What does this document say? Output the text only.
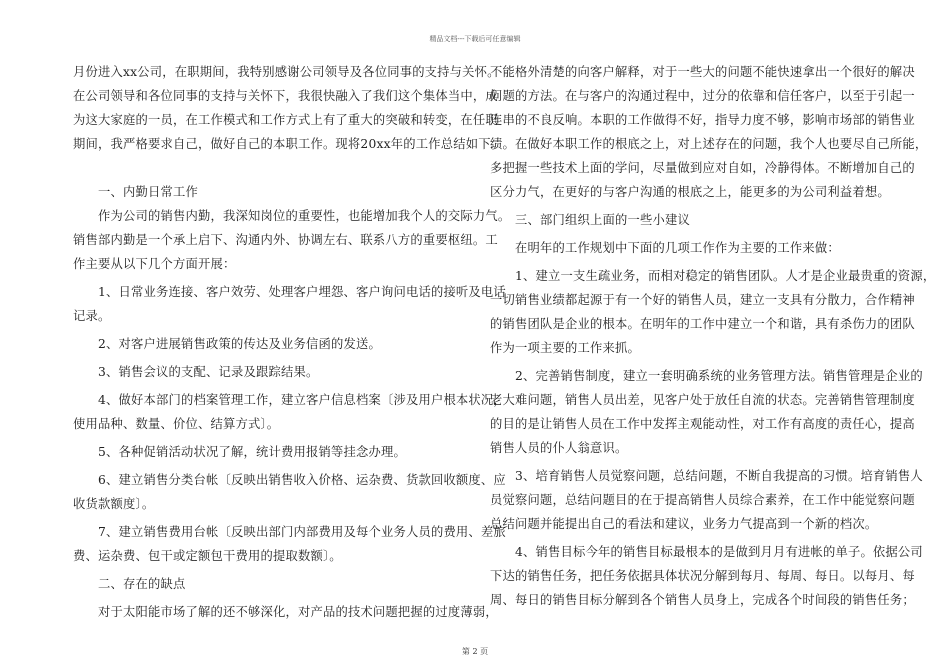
精品文档---下载后可任意编辑
月份进入xx公司，在职期间，我特别感谢公司领导及各位同事的支持与关怀。
在公司领导和各位同事的支持与关怀下，我很快融入了我们这个集体当中，成
为这大家庭的一员，在工作模式和工作方式上有了重大的突破和转变，在任职
期间，我严格要求自己，做好自己的本职工作。现将20xx年的工作总结如下。
一、内勤日常工作
作为公司的销售内勤，我深知岗位的重要性，也能增加我个人的交际力气。
销售部内勤是一个承上启下、沟通内外、协调左右、联系八方的重要枢纽。工
作主要从以下几个方面开展：
1、日常业务连接、客户效劳、处理客户埋怨、客户询问电话的接听及电话
记录。
2、对客户进展销售政策的传达及业务信函的发送。
3、销售会议的支配、记录及跟踪结果。
4、做好本部门的档案管理工作，建立客户信息档案〔涉及用户根本状况，
使用品种、数量、价位、结算方式〕。
5、各种促销活动状况了解，统计费用报销等挂念办理。
6、建立销售分类台帐〔反映出销售收入价格、运杂费、货款回收额度、应
收货款额度〕。
7、建立销售费用台帐〔反映出部门内部费用及每个业务人员的费用、差旅
费、运杂费、包干或定额包干费用的提取数额〕。
二、存在的缺点
对于太阳能市场了解的还不够深化，对产品的技术问题把握的过度薄弱，
不能格外清楚的向客户解释，对于一些大的问题不能快速拿出一个很好的解决
问题的方法。在与客户的沟通过程中，过分的依靠和信任客户，以至于引起一
连串的不良反响。本职的工作做得不好，指导力度不够，影响市场部的销售业
绩。在做好本职工作的根底之上，对上述存在的问题，我个人也要尽自己所能，
多把握一些技术上面的学问，尽量做到应对自如，冷静得体。不断增加自己的
区分力气，在更好的与客户沟通的根底之上，能更多的为公司利益着想。
三、部门组织上面的一些小建议
在明年的工作规划中下面的几项工作作为主要的工作来做：
1、建立一支生疏业务，而相对稳定的销售团队。人才是企业最贵重的资源，
一切销售业绩都起源于有一个好的销售人员，建立一支具有分散力，合作精神
的销售团队是企业的根本。在明年的工作中建立一个和谐，具有杀伤力的团队
作为一项主要的工作来抓。
2、完善销售制度，建立一套明确系统的业务管理方法。销售管理是企业的
老大难问题，销售人员出差，见客户处于放任自流的状态。完善销售管理制度
的目的是让销售人员在工作中发挥主观能动性，对工作有高度的责任心，提高
销售人员的仆人翁意识。
3、培育销售人员觉察问题，总结问题，不断自我提高的习惯。培育销售人
员觉察问题，总结问题目的在于提高销售人员综合素养，在工作中能觉察问题
总结问题并能提出自己的看法和建议，业务力气提高到一个新的档次。
4、销售目标今年的销售目标最根本的是做到月月有进帐的单子。依据公司
下达的销售任务，把任务依据具体状况分解到每月、每周、每日。以每月、每
周、每日的销售目标分解到各个销售人员身上，完成各个时间段的销售任务；
第 2 页
